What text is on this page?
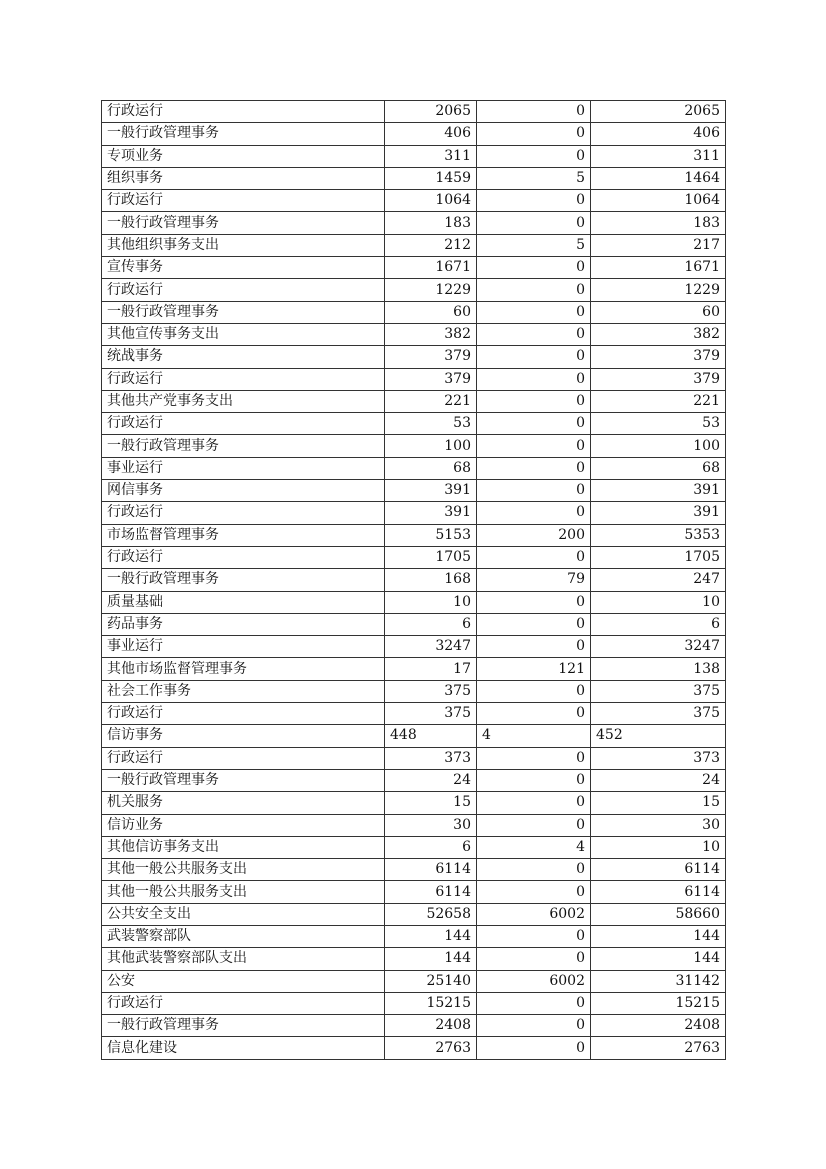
行政运行	2065	0	2065
一般行政管理事务	406	0	406
专项业务	311	0	311
组织事务	1459	5	1464
行政运行	1064	0	1064
一般行政管理事务	183	0	183
其他组织事务支出	212	5	217
宣传事务	1671	0	1671
行政运行	1229	0	1229
一般行政管理事务	60	0	60
其他宣传事务支出	382	0	382
统战事务	379	0	379
行政运行	379	0	379
其他共产党事务支出	221	0	221
行政运行	53	0	53
一般行政管理事务	100	0	100
事业运行	68	0	68
网信事务	391	0	391
行政运行	391	0	391
市场监督管理事务	5153	200	5353
行政运行	1705	0	1705
一般行政管理事务	168	79	247
质量基础	10	0	10
药品事务	6	0	6
事业运行	3247	0	3247
其他市场监督管理事务	17	121	138
社会工作事务	375	0	375
行政运行	375	0	375
信访事务	448	4	452
行政运行	373	0	373
一般行政管理事务	24	0	24
机关服务	15	0	15
信访业务	30	0	30
其他信访事务支出	6	4	10
其他一般公共服务支出	6114	0	6114
其他一般公共服务支出	6114	0	6114
公共安全支出	52658	6002	58660
武装警察部队	144	0	144
其他武装警察部队支出	144	0	144
公安	25140	6002	31142
行政运行	15215	0	15215
一般行政管理事务	2408	0	2408
信息化建设	2763	0	2763
